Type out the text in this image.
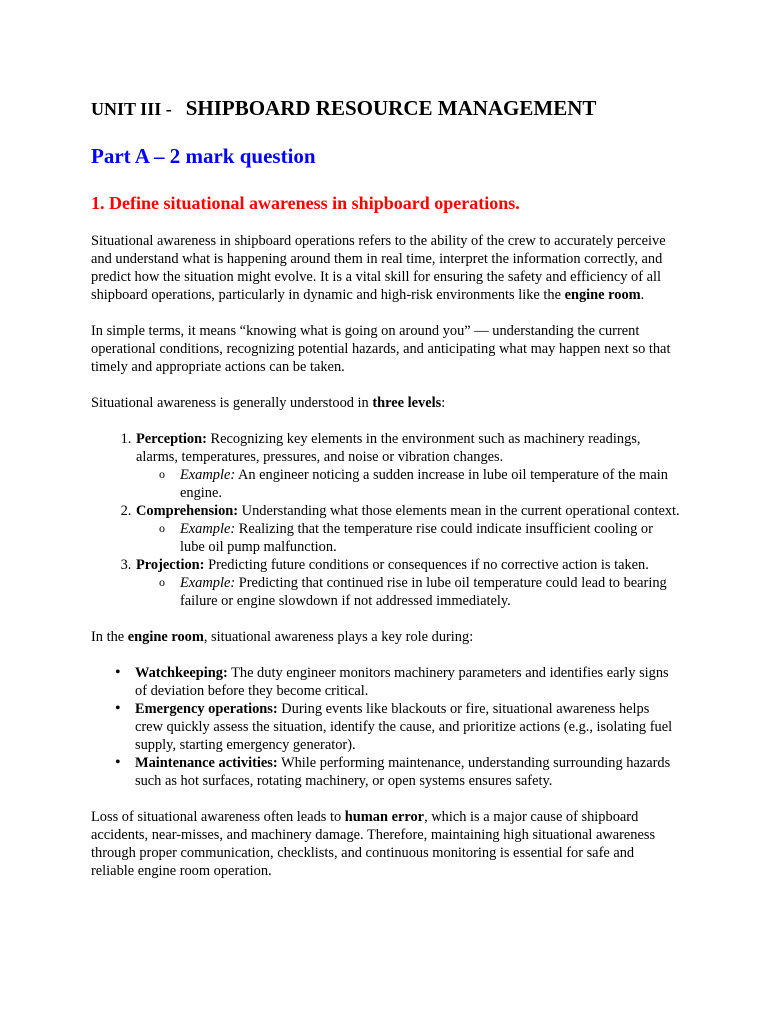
UNIT III - SHIPBOARD RESOURCE MANAGEMENT
Part A – 2 mark question
1. Define situational awareness in shipboard operations.

Situational awareness in shipboard operations refers to the ability of the crew to accurately perceive and understand what is happening around them in real time, interpret the information correctly, and predict how the situation might evolve. It is a vital skill for ensuring the safety and efficiency of all shipboard operations, particularly in dynamic and high-risk environments like the engine room.

In simple terms, it means “knowing what is going on around you” — understanding the current operational conditions, recognizing potential hazards, and anticipating what may happen next so that timely and appropriate actions can be taken.

Situational awareness is generally understood in three levels:

1. Perception: Recognizing key elements in the environment such as machinery readings, alarms, temperatures, pressures, and noise or vibration changes.
o Example: An engineer noticing a sudden increase in lube oil temperature of the main engine.
2. Comprehension: Understanding what those elements mean in the current operational context.
o Example: Realizing that the temperature rise could indicate insufficient cooling or lube oil pump malfunction.
3. Projection: Predicting future conditions or consequences if no corrective action is taken.
o Example: Predicting that continued rise in lube oil temperature could lead to bearing failure or engine slowdown if not addressed immediately.

In the engine room, situational awareness plays a key role during:

• Watchkeeping: The duty engineer monitors machinery parameters and identifies early signs of deviation before they become critical.
• Emergency operations: During events like blackouts or fire, situational awareness helps crew quickly assess the situation, identify the cause, and prioritize actions (e.g., isolating fuel supply, starting emergency generator).
• Maintenance activities: While performing maintenance, understanding surrounding hazards such as hot surfaces, rotating machinery, or open systems ensures safety.

Loss of situational awareness often leads to human error, which is a major cause of shipboard accidents, near-misses, and machinery damage. Therefore, maintaining high situational awareness through proper communication, checklists, and continuous monitoring is essential for safe and reliable engine room operation.
